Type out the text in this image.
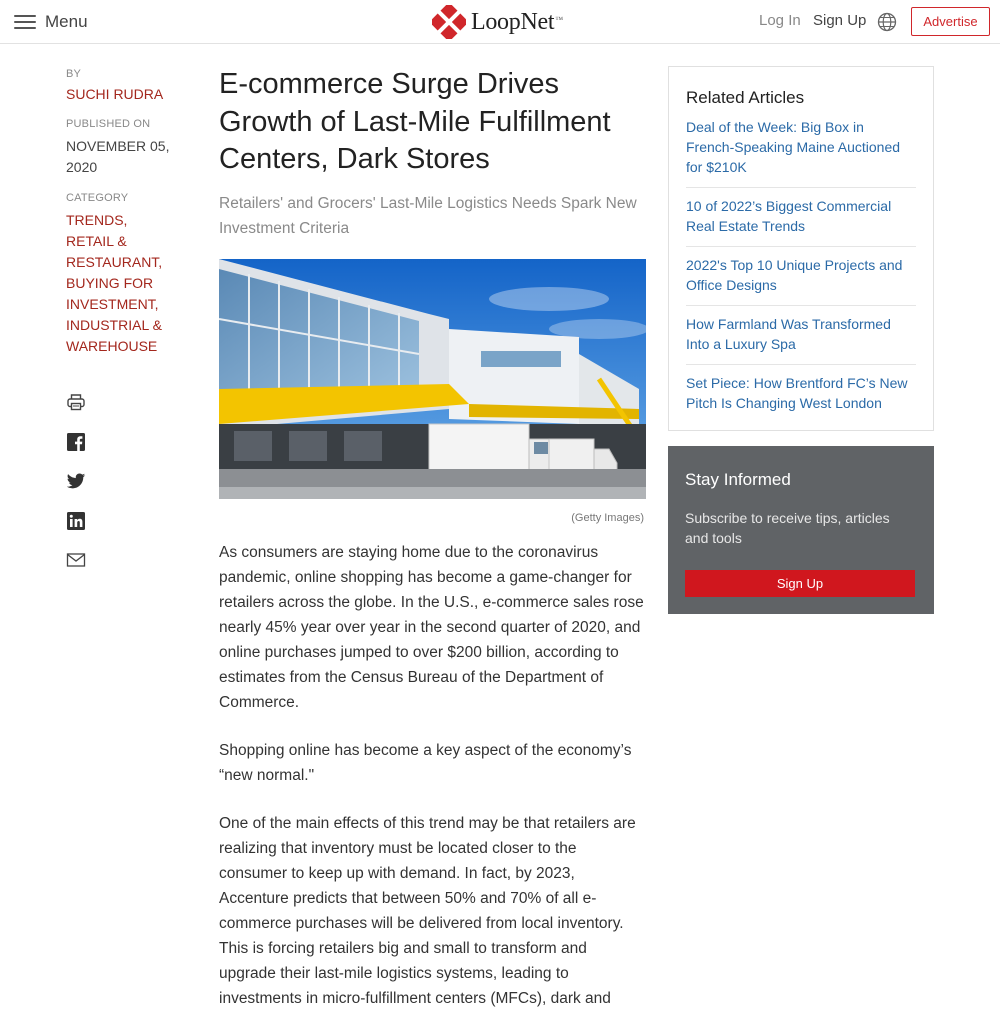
Menu	LoopNet™	Log In Sign Up	Advertise
BY
SUCHI RUDRA
PUBLISHED ON
NOVEMBER 05, 2020
CATEGORY
TRENDS,
RETAIL & RESTAURANT,
BUYING FOR INVESTMENT,
INDUSTRIAL & WAREHOUSE
E-commerce Surge Drives Growth of Last-Mile Fulfillment Centers, Dark Stores
Retailers' and Grocers' Last-Mile Logistics Needs Spark New Investment Criteria
(Getty Images)

As consumers are staying home due to the coronavirus pandemic, online shopping has become a game-changer for retailers across the globe. In the U.S., e-commerce sales rose nearly 45% year over year in the second quarter of 2020, and online purchases jumped to over $200 billion, according to estimates from the Census Bureau of the Department of Commerce.

Shopping online has become a key aspect of the economy’s “new normal."

One of the main effects of this trend may be that retailers are realizing that inventory must be located closer to the consumer to keep up with demand. In fact, by 2023, Accenture predicts that between 50% and 70% of all e-commerce purchases will be delivered from local inventory. This is forcing retailers big and small to transform and upgrade their last-mile logistics systems, leading to investments in micro-fulfillment centers (MFCs), dark and

Related Articles
Deal of the Week: Big Box in French-Speaking Maine Auctioned for $210K
10 of 2022’s Biggest Commercial Real Estate Trends
2022's Top 10 Unique Projects and Office Designs
How Farmland Was Transformed Into a Luxury Spa
Set Piece: How Brentford FC’s New Pitch Is Changing West London
Stay Informed
Subscribe to receive tips, articles and tools
Sign Up
